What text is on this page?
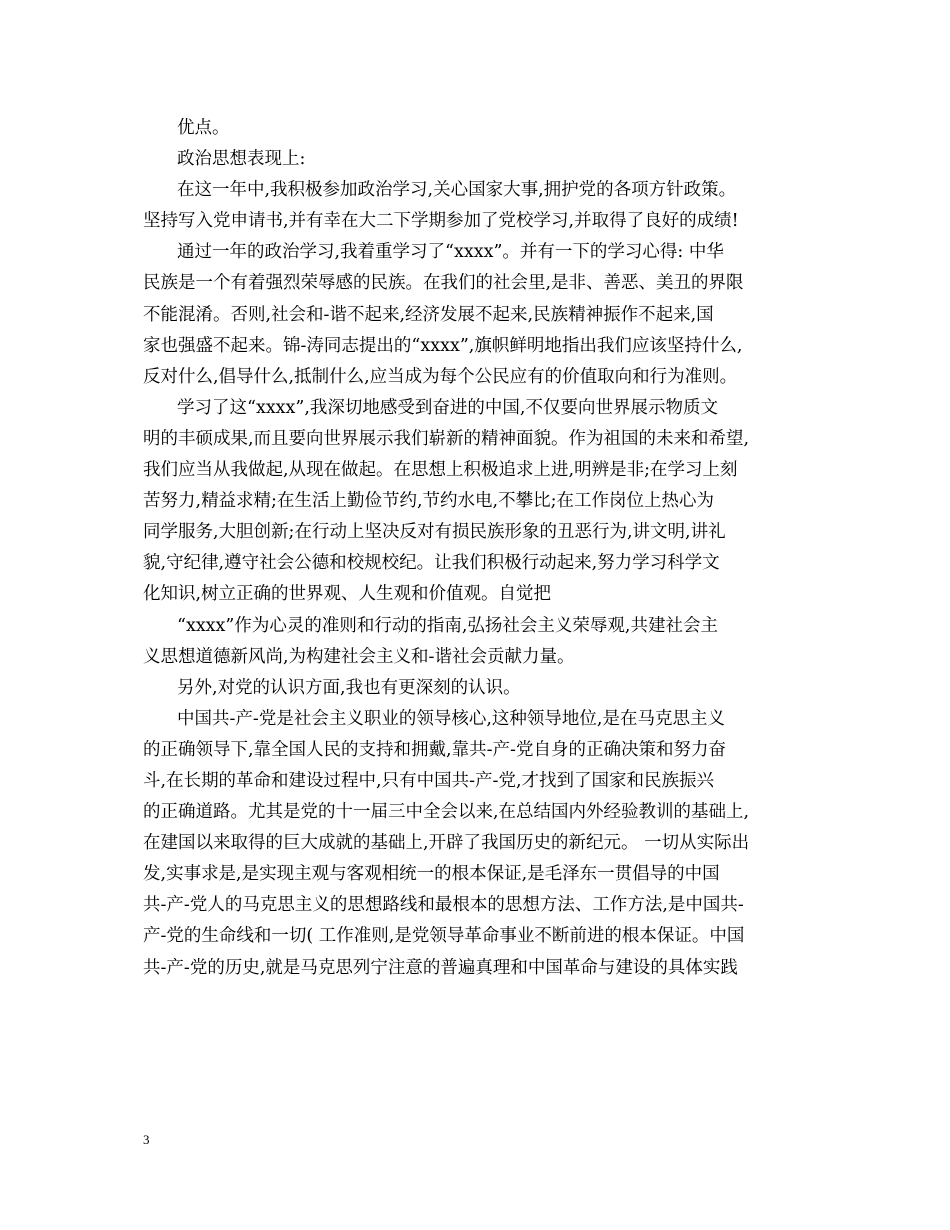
优点。
政治思想表现上:
在这一年中,我积极参加政治学习,关心国家大事,拥护党的各项方针政策。
坚持写入党申请书,并有幸在大二下学期参加了党校学习,并取得了良好的成绩!
通过一年的政治学习,我着重学习了“xxxx”。并有一下的学习心得: 中华
民族是一个有着强烈荣辱感的民族。在我们的社会里,是非、善恶、美丑的界限
不能混淆。否则,社会和-谐不起来,经济发展不起来,民族精神振作不起来,国
家也强盛不起来。锦-涛同志提出的“xxxx”,旗帜鲜明地指出我们应该坚持什么,
反对什么,倡导什么,抵制什么,应当成为每个公民应有的价值取向和行为准则。
学习了这“xxxx”,我深切地感受到奋进的中国,不仅要向世界展示物质文
明的丰硕成果,而且要向世界展示我们崭新的精神面貌。作为祖国的未来和希望,
我们应当从我做起,从现在做起。在思想上积极追求上进,明辨是非;在学习上刻
苦努力,精益求精;在生活上勤俭节约,节约水电,不攀比;在工作岗位上热心为
同学服务,大胆创新;在行动上坚决反对有损民族形象的丑恶行为,讲文明,讲礼
貌,守纪律,遵守社会公德和校规校纪。让我们积极行动起来,努力学习科学文
化知识,树立正确的世界观、人生观和价值观。自觉把
“xxxx”作为心灵的准则和行动的指南,弘扬社会主义荣辱观,共建社会主
义思想道德新风尚,为构建社会主义和-谐社会贡献力量。
另外,对党的认识方面,我也有更深刻的认识。
中国共-产-党是社会主义职业的领导核心,这种领导地位,是在马克思主义
的正确领导下,靠全国人民的支持和拥戴,靠共-产-党自身的正确决策和努力奋
斗,在长期的革命和建设过程中,只有中国共-产-党,才找到了国家和民族振兴
的正确道路。尤其是党的十一届三中全会以来,在总结国内外经验教训的基础上,
在建国以来取得的巨大成就的基础上,开辟了我国历史的新纪元。 一切从实际出
发,实事求是,是实现主观与客观相统一的根本保证,是毛泽东一贯倡导的中国
共-产-党人的马克思主义的思想路线和最根本的思想方法、工作方法,是中国共-
产-党的生命线和一切( 工作准则,是党领导革命事业不断前进的根本保证。中国
共-产-党的历史,就是马克思列宁注意的普遍真理和中国革命与建设的具体实践
3
